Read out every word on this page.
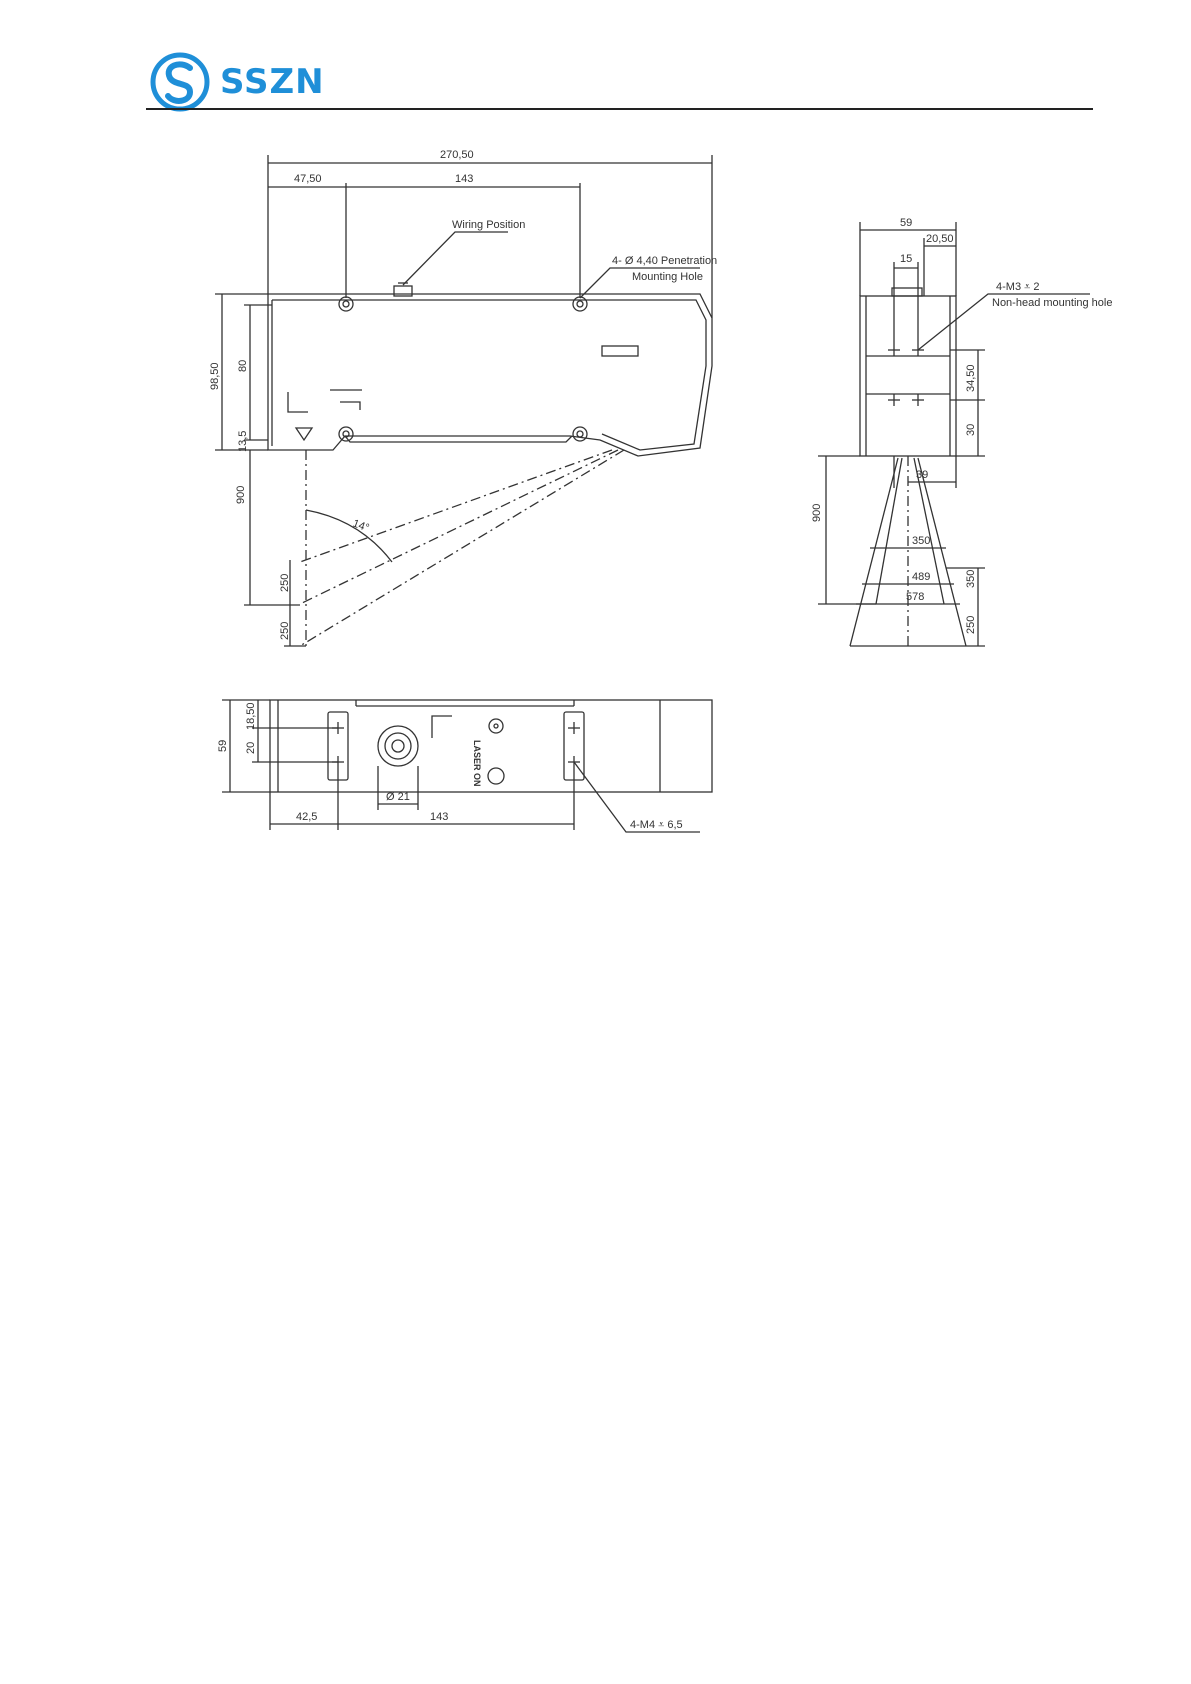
SSZN
270,50
47,50	143
Wiring Position
4- Ø 4,40 Penetration
Mounting Hole
98,50 80
13,5
900
250
250
14°
59
20,50
15
4-M3 ⩡ 2
Non-head mounting hole
34,50
30
39
900
350
489
578
350
250
59
18,50
20
42,5	143
Ø 21
4-M4 ⩡ 6,5
LASER ON
